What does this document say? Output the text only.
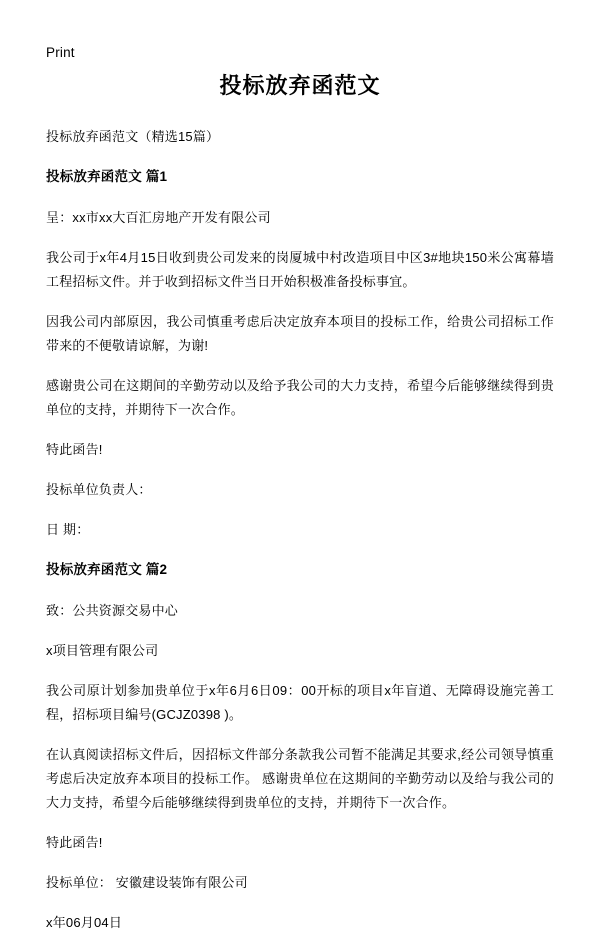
Print
投标放弃函范文

投标放弃函范文（精选15篇）

投标放弃函范文 篇1

呈：xx市xx大百汇房地产开发有限公司

我公司于x年4月15日收到贵公司发来的岗厦城中村改造项目中区3#地块150米公寓幕墙工程招标文件。并于收到招标文件当日开始积极准备投标事宜。

因我公司内部原因，我公司慎重考虑后决定放弃本项目的投标工作，给贵公司招标工作带来的不便敬请谅解，为谢!

感谢贵公司在这期间的辛勤劳动以及给予我公司的大力支持，希望今后能够继续得到贵单位的支持，并期待下一次合作。

特此函告!

投标单位负责人：

日 期：

投标放弃函范文 篇2

致：公共资源交易中心

x项目管理有限公司

我公司原计划参加贵单位于x年6月6日09：00开标的项目x年盲道、无障碍设施完善工程，招标项目编号(GCJZ0398 )。

在认真阅读招标文件后，因招标文件部分条款我公司暂不能满足其要求,经公司领导慎重考虑后决定放弃本项目的投标工作。 感谢贵单位在这期间的辛勤劳动以及给与我公司的大力支持，希望今后能够继续得到贵单位的支持，并期待下一次合作。

特此函告!

投标单位： 安徽建设装饰有限公司

x年06月04日
